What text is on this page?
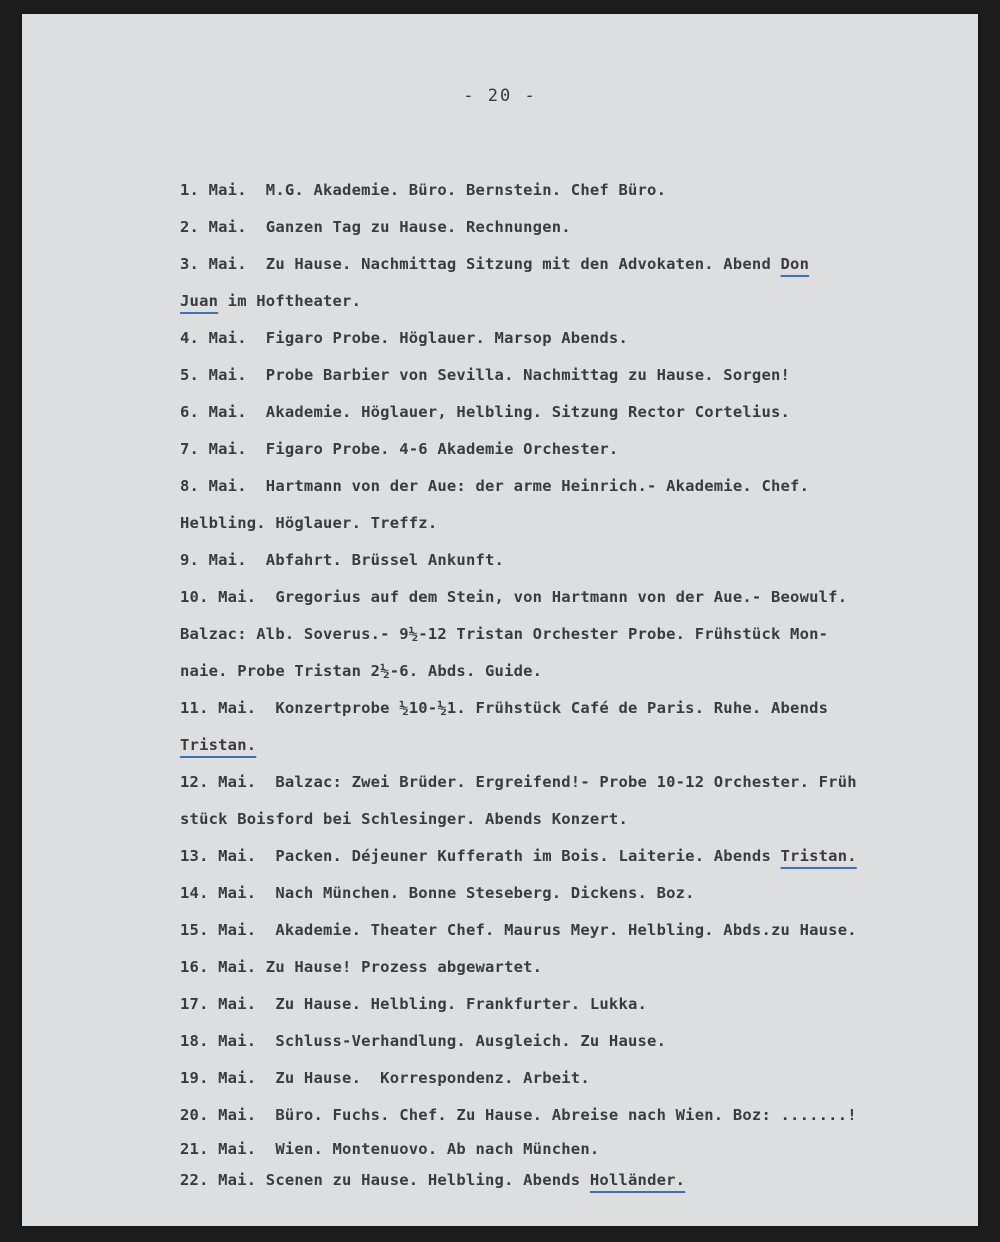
- 20 -
1. Mai.  M.G. Akademie. Büro. Bernstein. Chef Büro.
2. Mai.  Ganzen Tag zu Hause. Rechnungen.
3. Mai.  Zu Hause. Nachmittag Sitzung mit den Advokaten. Abend Don
Juan im Hoftheater.
4. Mai.  Figaro Probe. Höglauer. Marsop Abends.
5. Mai.  Probe Barbier von Sevilla. Nachmittag zu Hause. Sorgen!
6. Mai.  Akademie. Höglauer, Helbling. Sitzung Rector Cortelius.
7. Mai.  Figaro Probe. 4-6 Akademie Orchester.
8. Mai.  Hartmann von der Aue: der arme Heinrich.- Akademie. Chef.
Helbling. Höglauer. Treffz.
9. Mai.  Abfahrt. Brüssel Ankunft.
10. Mai.  Gregorius auf dem Stein, von Hartmann von der Aue.- Beowulf.
Balzac: Alb. Soverus.- 9½-12 Tristan Orchester Probe. Frühstück Mon-
naie. Probe Tristan 2½-6. Abds. Guide.
11. Mai.  Konzertprobe ½10-½1. Frühstück Café de Paris. Ruhe. Abends
Tristan.
12. Mai.  Balzac: Zwei Brüder. Ergreifend!- Probe 10-12 Orchester. Früh
stück Boisford bei Schlesinger. Abends Konzert.
13. Mai.  Packen. Déjeuner Kufferath im Bois. Laiterie. Abends Tristan.
14. Mai.  Nach München. Bonne Steseberg. Dickens. Boz.
15. Mai.  Akademie. Theater Chef. Maurus Meyr. Helbling. Abds.zu Hause.
16. Mai. Zu Hause! Prozess abgewartet.
17. Mai.  Zu Hause. Helbling. Frankfurter. Lukka.
18. Mai.  Schluss-Verhandlung. Ausgleich. Zu Hause.
19. Mai.  Zu Hause.  Korrespondenz. Arbeit.
20. Mai.  Büro. Fuchs. Chef. Zu Hause. Abreise nach Wien. Boz: .......!
21. Mai.  Wien. Montenuovo. Ab nach München.
22. Mai. Scenen zu Hause. Helbling. Abends Holländer.
